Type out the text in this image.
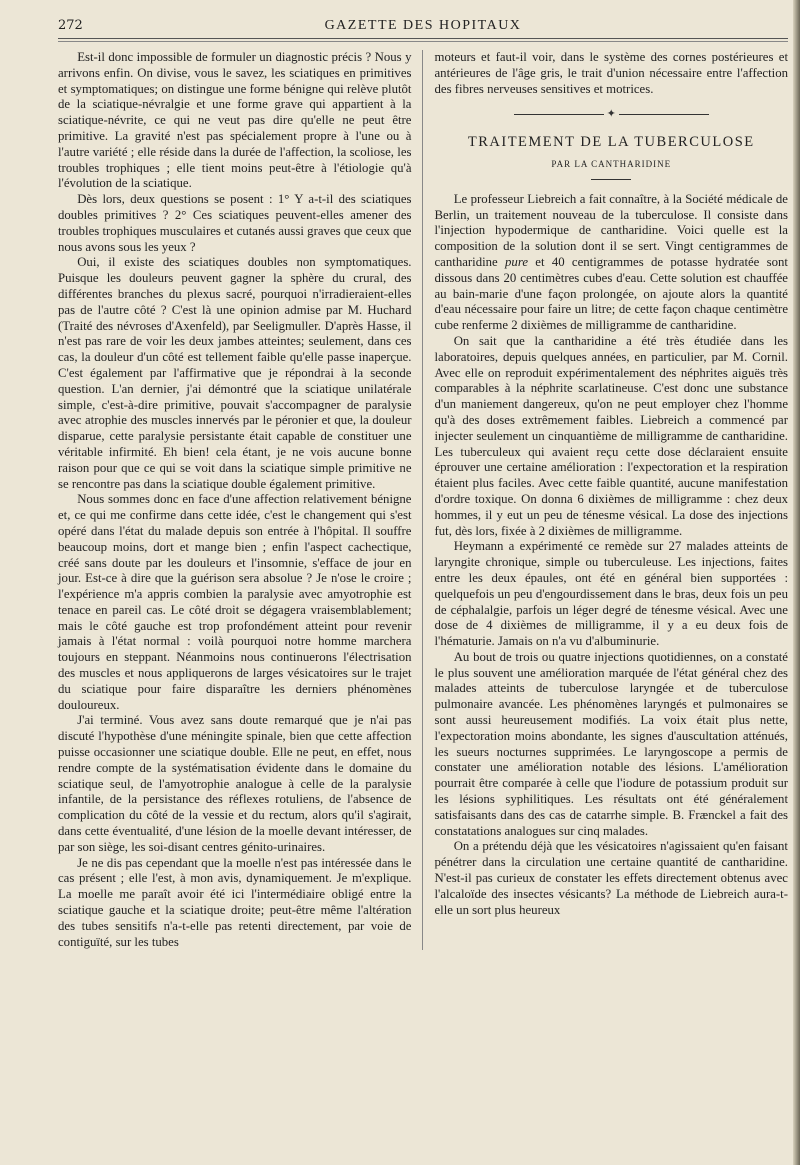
272	GAZETTE DES HOPITAUX

Est-il donc impossible de formuler un diagnostic précis ? Nous y arrivons enfin. On divise, vous le savez, les sciatiques en primitives et symptomatiques; on distingue une forme bénigne qui relève plutôt de la sciatique-névralgie et une forme grave qui appartient à la sciatique-névrite, ce qui ne veut pas dire qu'elle ne peut être primitive. La gravité n'est pas spécialement propre à l'une ou à l'autre variété ; elle réside dans la durée de l'affection, la scoliose, les troubles trophiques ; elle tient moins peut-être à l'étiologie qu'à l'évolution de la sciatique.

Dès lors, deux questions se posent : 1° Y a-t-il des sciatiques doubles primitives ? 2° Ces sciatiques peuvent-elles amener des troubles trophiques musculaires et cutanés aussi graves que ceux que nous avons sous les yeux ?

Oui, il existe des sciatiques doubles non symptomatiques. Puisque les douleurs peuvent gagner la sphère du crural, des différentes branches du plexus sacré, pourquoi n'irradieraient-elles pas de l'autre côté ? C'est là une opinion admise par M. Huchard (Traité des névroses d'Axenfeld), par Seeligmuller. D'après Hasse, il n'est pas rare de voir les deux jambes atteintes; seulement, dans ces cas, la douleur d'un côté est tellement faible qu'elle passe inaperçue. C'est également par l'affirmative que je répondrai à la seconde question. L'an dernier, j'ai démontré que la sciatique unilatérale simple, c'est-à-dire primitive, pouvait s'accompagner de paralysie avec atrophie des muscles innervés par le péronier et que, la douleur disparue, cette paralysie persistante était capable de constituer une véritable infirmité. Eh bien! cela étant, je ne vois aucune bonne raison pour que ce qui se voit dans la sciatique simple primitive ne se rencontre pas dans la sciatique double également primitive.

Nous sommes donc en face d'une affection relativement bénigne et, ce qui me confirme dans cette idée, c'est le changement qui s'est opéré dans l'état du malade depuis son entrée à l'hôpital. Il souffre beaucoup moins, dort et mange bien ; enfin l'aspect cachectique, créé sans doute par les douleurs et l'insomnie, s'efface de jour en jour. Est-ce à dire que la guérison sera absolue ? Je n'ose le croire ; l'expérience m'a appris combien la paralysie avec amyotrophie est tenace en pareil cas. Le côté droit se dégagera vraisemblablement; mais le côté gauche est trop profondément atteint pour revenir jamais à l'état normal : voilà pourquoi notre homme marchera toujours en steppant. Néanmoins nous continuerons l'électrisation des muscles et nous appliquerons de larges vésicatoires sur le trajet du sciatique pour faire disparaître les derniers phénomènes douloureux.

J'ai terminé. Vous avez sans doute remarqué que je n'ai pas discuté l'hypothèse d'une méningite spinale, bien que cette affection puisse occasionner une sciatique double. Elle ne peut, en effet, nous rendre compte de la systématisation évidente dans le domaine du sciatique seul, de l'amyotrophie analogue à celle de la paralysie infantile, de la persistance des réflexes rotuliens, de l'absence de complication du côté de la vessie et du rectum, alors qu'il s'agirait, dans cette éventualité, d'une lésion de la moelle devant intéresser, de par son siège, les soi-disant centres génito-urinaires.

Je ne dis pas cependant que la moelle n'est pas intéressée dans le cas présent ; elle l'est, à mon avis, dynamiquement. Je m'explique. La moelle me paraît avoir été ici l'intermédiaire obligé entre la sciatique gauche et la sciatique droite; peut-être même l'altération des tubes sensitifs n'a-t-elle pas retenti directement, par voie de contiguïté, sur les tubes

moteurs et faut-il voir, dans le système des cornes postérieures et antérieures de l'âge gris, le trait d'union nécessaire entre l'affection des fibres nerveuses sensitives et motrices.

✦
TRAITEMENT DE LA TUBERCULOSE
PAR LA CANTHARIDINE

Le professeur Liebreich a fait connaître, à la Société médicale de Berlin, un traitement nouveau de la tuberculose. Il consiste dans l'injection hypodermique de cantharidine. Voici quelle est la composition de la solution dont il se sert. Vingt centigrammes de cantharidine pure et 40 centigrammes de potasse hydratée sont dissous dans 20 centimètres cubes d'eau. Cette solution est chauffée au bain-marie d'une façon prolongée, on ajoute alors la quantité d'eau nécessaire pour faire un litre; de cette façon chaque centimètre cube renferme 2 dixièmes de milligramme de cantharidine.

On sait que la cantharidine a été très étudiée dans les laboratoires, depuis quelques années, en particulier, par M. Cornil. Avec elle on reproduit expérimentalement des néphrites aiguës très comparables à la néphrite scarlatineuse. C'est donc une substance d'un maniement dangereux, qu'on ne peut employer chez l'homme qu'à des doses extrêmement faibles. Liebreich a commencé par injecter seulement un cinquantième de milligramme de cantharidine. Les tuberculeux qui avaient reçu cette dose déclaraient ensuite éprouver une certaine amélioration : l'expectoration et la respiration étaient plus faciles. Avec cette faible quantité, aucune manifestation d'ordre toxique. On donna 6 dixièmes de milligramme : chez deux hommes, il y eut un peu de ténesme vésical. La dose des injections fut, dès lors, fixée à 2 dixièmes de milligramme.

Heymann a expérimenté ce remède sur 27 malades atteints de laryngite chronique, simple ou tuberculeuse. Les injections, faites entre les deux épaules, ont été en général bien supportées : quelquefois un peu d'engourdissement dans le bras, deux fois un peu de céphalalgie, parfois un léger degré de ténesme vésical. Avec une dose de 4 dixièmes de milligramme, il y a eu deux fois de l'hématurie. Jamais on n'a vu d'albuminurie.

Au bout de trois ou quatre injections quotidiennes, on a constaté le plus souvent une amélioration marquée de l'état général chez des malades atteints de tuberculose laryngée et de tuberculose pulmonaire avancée. Les phénomènes laryngés et pulmonaires se sont aussi heureusement modifiés. La voix était plus nette, l'expectoration moins abondante, les signes d'auscultation atténués, les sueurs nocturnes supprimées. Le laryngoscope a permis de constater une amélioration notable des lésions. L'amélioration pourrait être comparée à celle que l'iodure de potassium produit sur les lésions syphilitiques. Les résultats ont été généralement satisfaisants dans des cas de catarrhe simple. B. Frænckel a fait des constatations analogues sur cinq malades.

On a prétendu déjà que les vésicatoires n'agissaient qu'en faisant pénétrer dans la circulation une certaine quantité de cantharidine. N'est-il pas curieux de constater les effets directement obtenus avec l'alcaloïde des insectes vésicants? La méthode de Liebreich aura-t-elle un sort plus heureux
